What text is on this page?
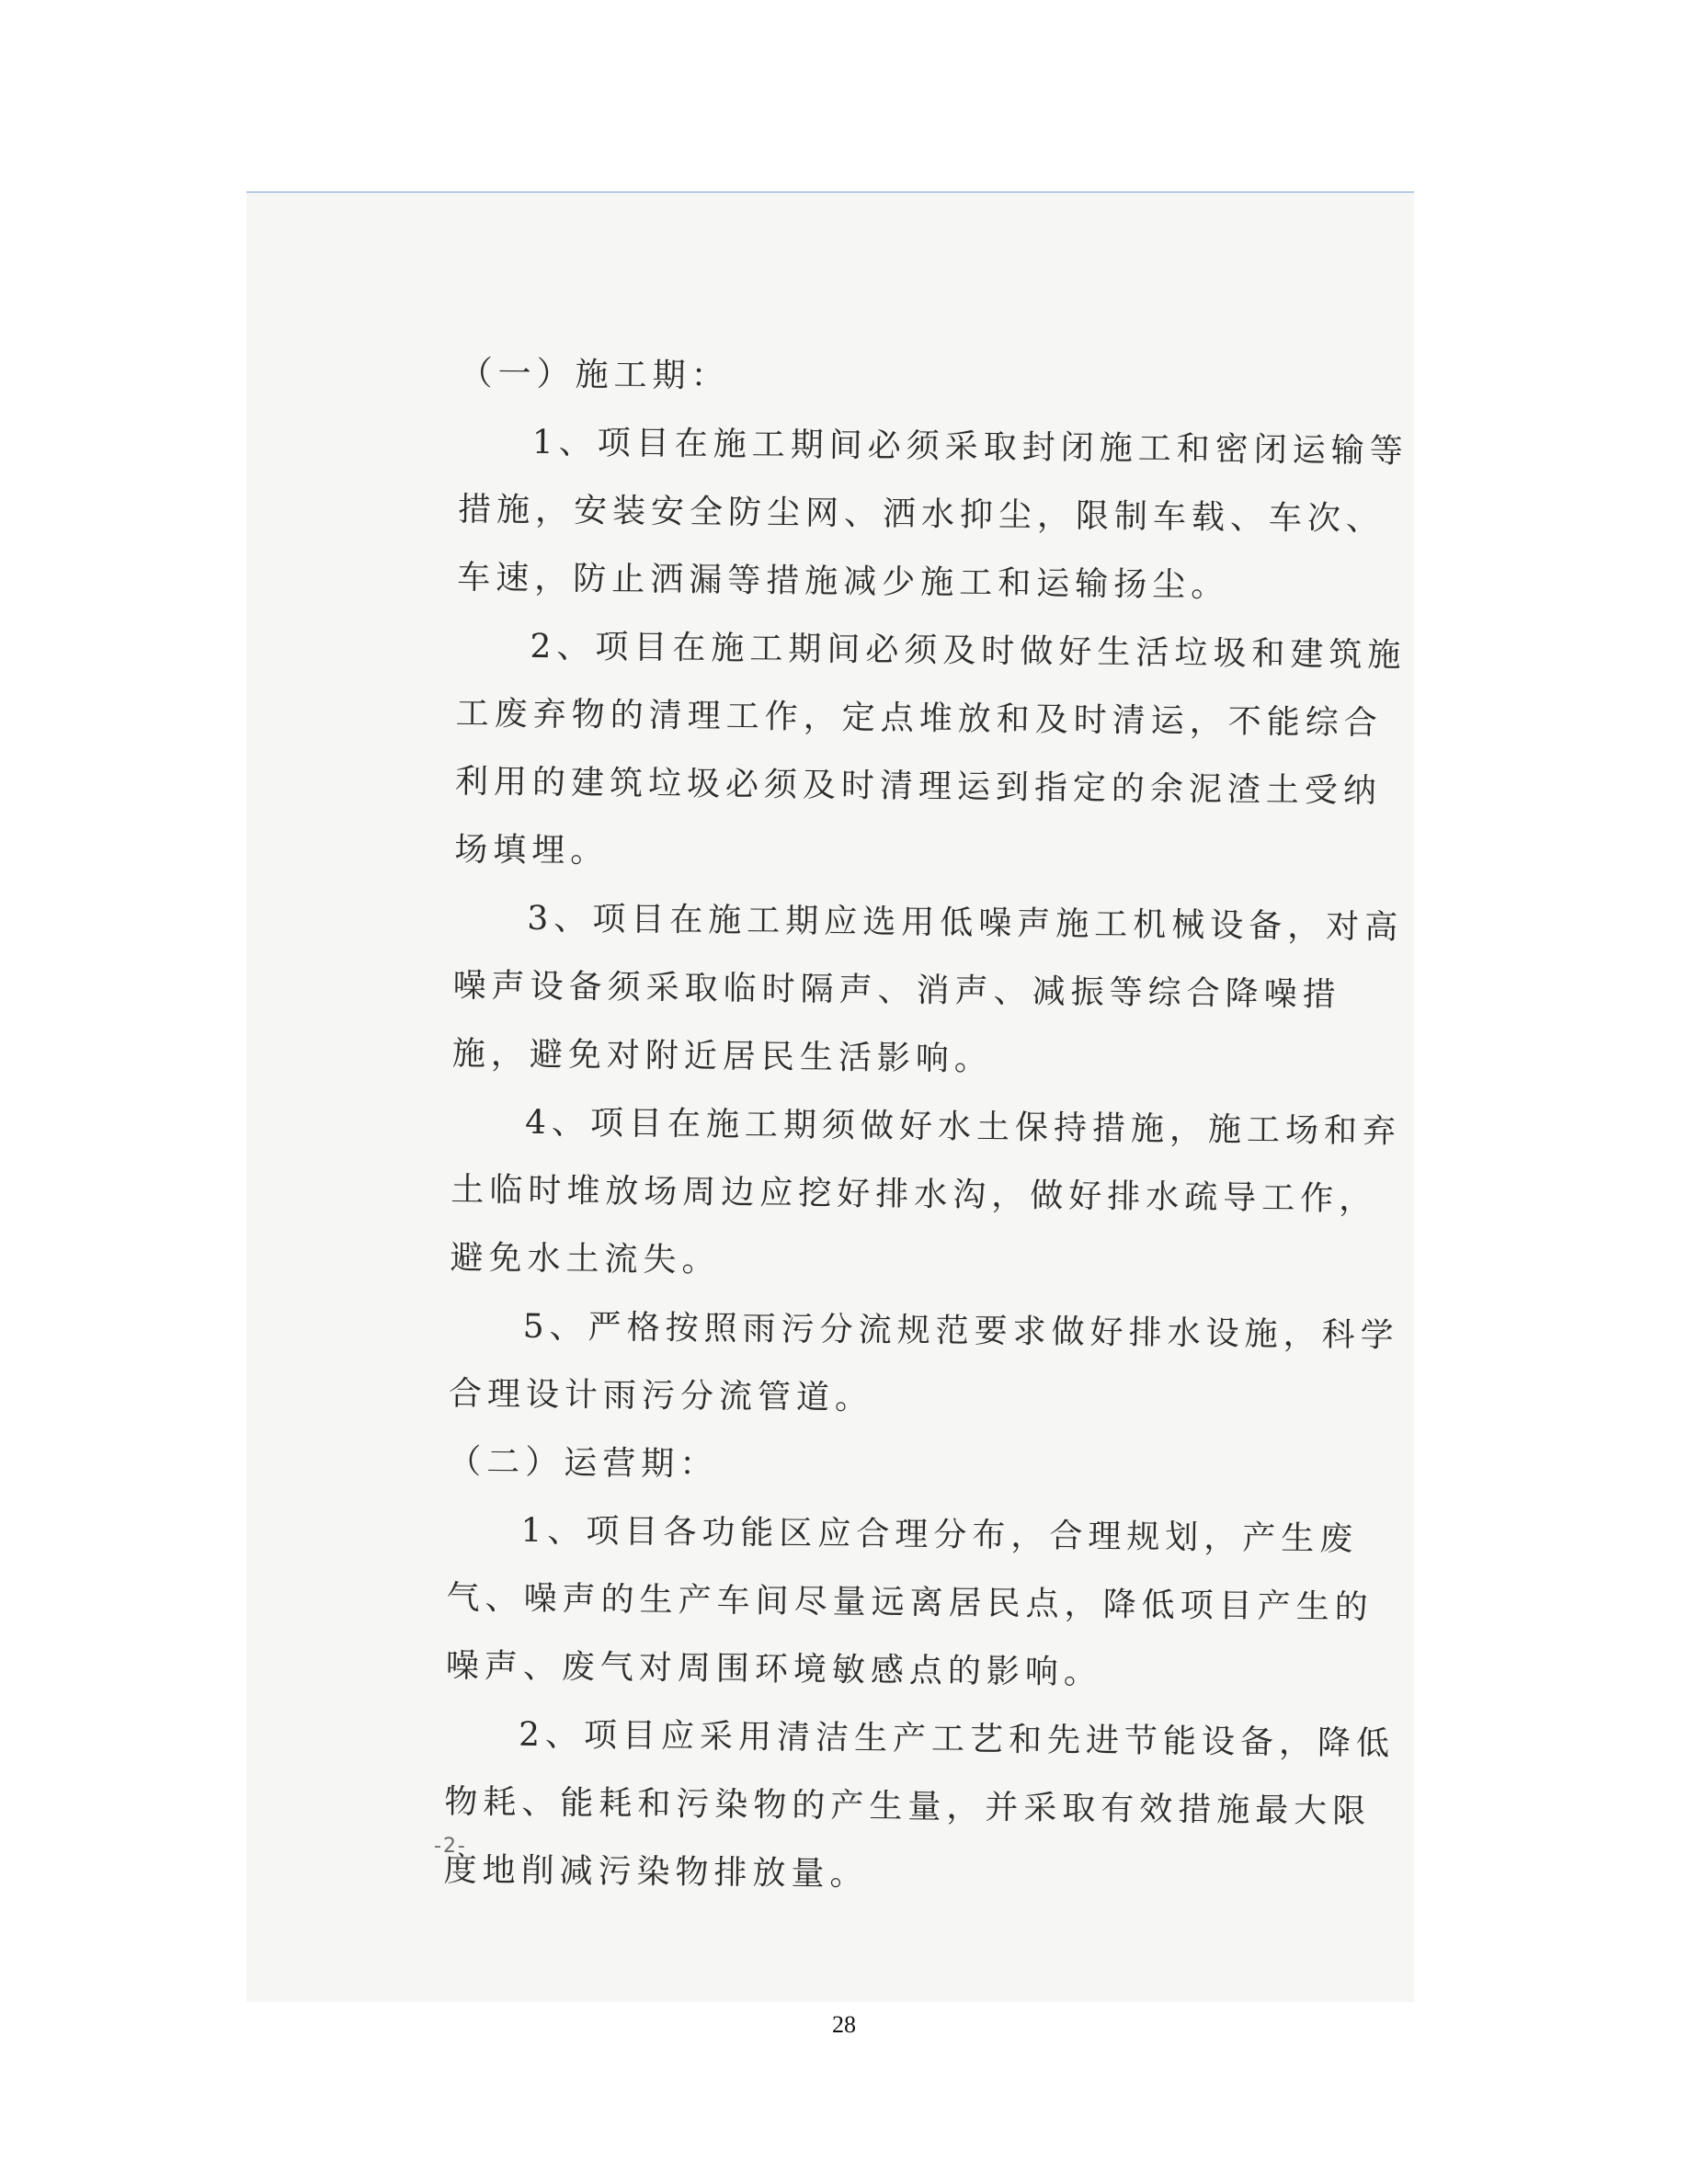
（一）施工期：

1、项目在施工期间必须采取封闭施工和密闭运输等措施，安装安全防尘网、洒水抑尘，限制车载、车次、车速，防止洒漏等措施减少施工和运输扬尘。

2、项目在施工期间必须及时做好生活垃圾和建筑施工废弃物的清理工作，定点堆放和及时清运，不能综合利用的建筑垃圾必须及时清理运到指定的余泥渣土受纳场填埋。

3、项目在施工期应选用低噪声施工机械设备，对高噪声设备须采取临时隔声、消声、减振等综合降噪措施，避免对附近居民生活影响。

4、项目在施工期须做好水土保持措施，施工场和弃土临时堆放场周边应挖好排水沟，做好排水疏导工作，避免水土流失。

5、严格按照雨污分流规范要求做好排水设施，科学合理设计雨污分流管道。

（二）运营期：

1、项目各功能区应合理分布，合理规划，产生废气、噪声的生产车间尽量远离居民点，降低项目产生的噪声、废气对周围环境敏感点的影响。

2、项目应采用清洁生产工艺和先进节能设备，降低物耗、能耗和污染物的产生量，并采取有效措施最大限度地削减污染物排放量。

-2-
28
